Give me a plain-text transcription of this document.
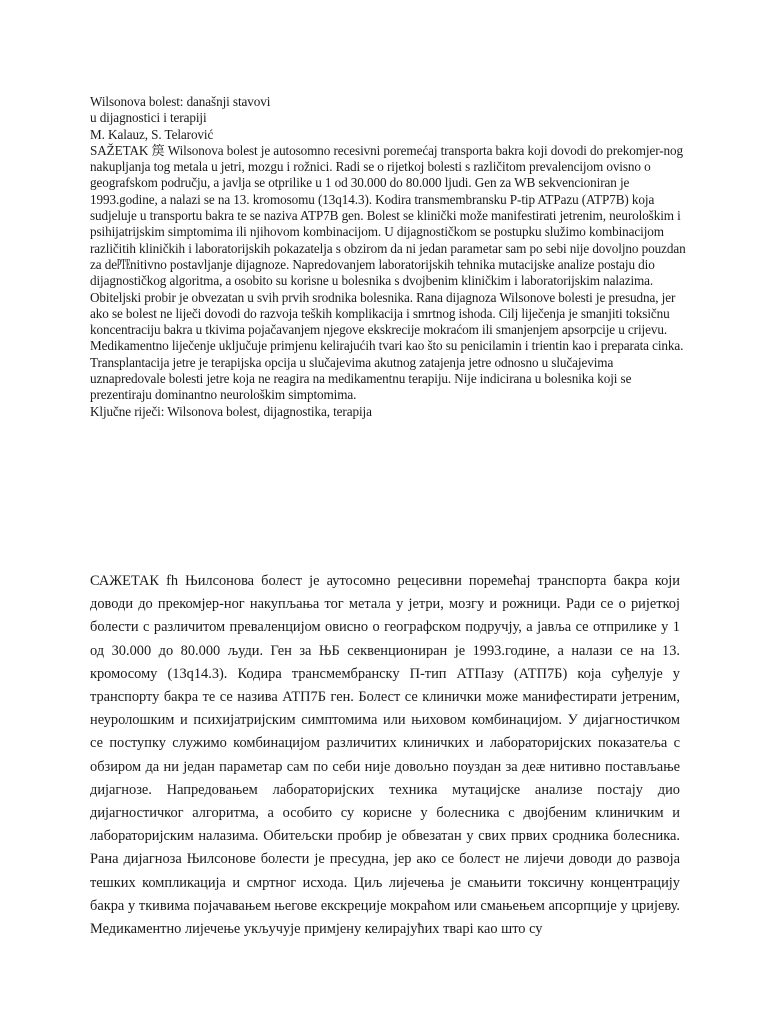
Wilsonova bolest: današnji stavovi

u dijagnostici i terapiji

M. Kalauz, S. Telarović

SAŽETAK 䈆 Wilsonova bolest je autosomno recesivni poremećaj transporta bakra koji dovodi do prekomjer-nog nakupljanja tog metala u jetri, mozgu i rožnici. Radi se o rijetkoj bolesti s različitom prevalencijom ovisno o geografskom području, a javlja se otprilike u 1 od 30.000 do 80.000 ljudi. Gen za WB sekvencioniran je 1993.godine, a nalazi se na 13. kromosomu (13q14.3). Kodira transmembransku P-tip ATPazu (ATP7B) koja sudjeluje u transportu bakra te se naziva ATP7B gen. Bolest se klinički može manifestirati jetrenim, neurološkim i psihijatrijskim simptomima ili njihovom kombinacijom. U dijagnostičkom se postupku služimo kombinacijom različitih kliničkih i laboratorijskih pokazatelja s obzirom da ni jedan parametar sam po sebi nije dovoljno pouzdan za de㉐nitivno postavljanje dijagnoze. Napredovanjem laboratorijskih tehnika mutacijske analize postaju dio dijagnostičkog algoritma, a osobito su korisne u bolesnika s dvojbenim kliničkim i laboratorijskim nalazima. Obiteljski probir je obvezatan u svih prvih srodnika bolesnika. Rana dijagnoza Wilsonove bolesti je presudna, jer ako se bolest ne liječi dovodi do razvoja teških komplikacija i smrtnog ishoda. Cilj liječenja je smanjiti toksičnu koncentraciju bakra u tkivima pojačavanjem njegove ekskrecije mokraćom ili smanjenjem apsorpcije u crijevu. Medikamentno liječenje uključuje primjenu kelirajućih tvari kao što su penicilamin i trientin kao i preparata cinka. Transplantacija jetre je terapijska opcija u slučajevima akutnog zatajenja jetre odnosno u slučajevima uznapredovale bolesti jetre koja ne reagira na medikamentnu terapiju. Nije indicirana u bolesnika koji se prezentiraju dominantno neurološkim simptomima.

Ključne riječi: Wilsonova bolest, dijagnostika, terapija

САЖЕТАК fh Њилсонова болест је аутосомно рецесивни поремећај транспорта бакра који доводи до прекомјер-ног накупљања тог метала у јетри, мозгу и рожници. Ради се о ријеткој болести с различитом преваленцијом овисно о географском подручју, а јавља се отприлике у 1 од 30.000 до 80.000 људи. Ген за ЊБ секвенциониран је 1993.године, а налази се на 13. кромосому (13q14.3). Кодира трансмембранску П-тип АТПазу (АТП7Б) која суђелује у транспорту бакра те се назива АТП7Б ген. Болест се клинички може манифестирати јетреним, неуролошким и психијатријским симптомима или њиховом комбинацијом. У дијагностичком се поступку служимо комбинацијом различитих клиничких и лабораторијских показатеља с обзиром да ни један параметар сам по себи није довољно поуздан за деæ нитивно постављање дијагнозе. Напредовањем лабораторијских техника мутацијске анализе постају дио дијагностичког алгоритма, а особито су корисне у болесника с двојбеним клиничким и лабораторијским налазима. Обитељски пробир је обвезатан у свих првих сродника болесника. Рана дијагноза Њилсонове болести је пресудна, јер ако се болест не лијечи доводи до развоја тешких компликација и смртног исхода. Циљ лијечења је смањити токсичну концентрацију бакра у ткивима појачавањем његове екскреције мокраћом или смањењем апсорпције у цријеву. Медикаментно лијечење укључује примјену келирајућих тварi као што су
